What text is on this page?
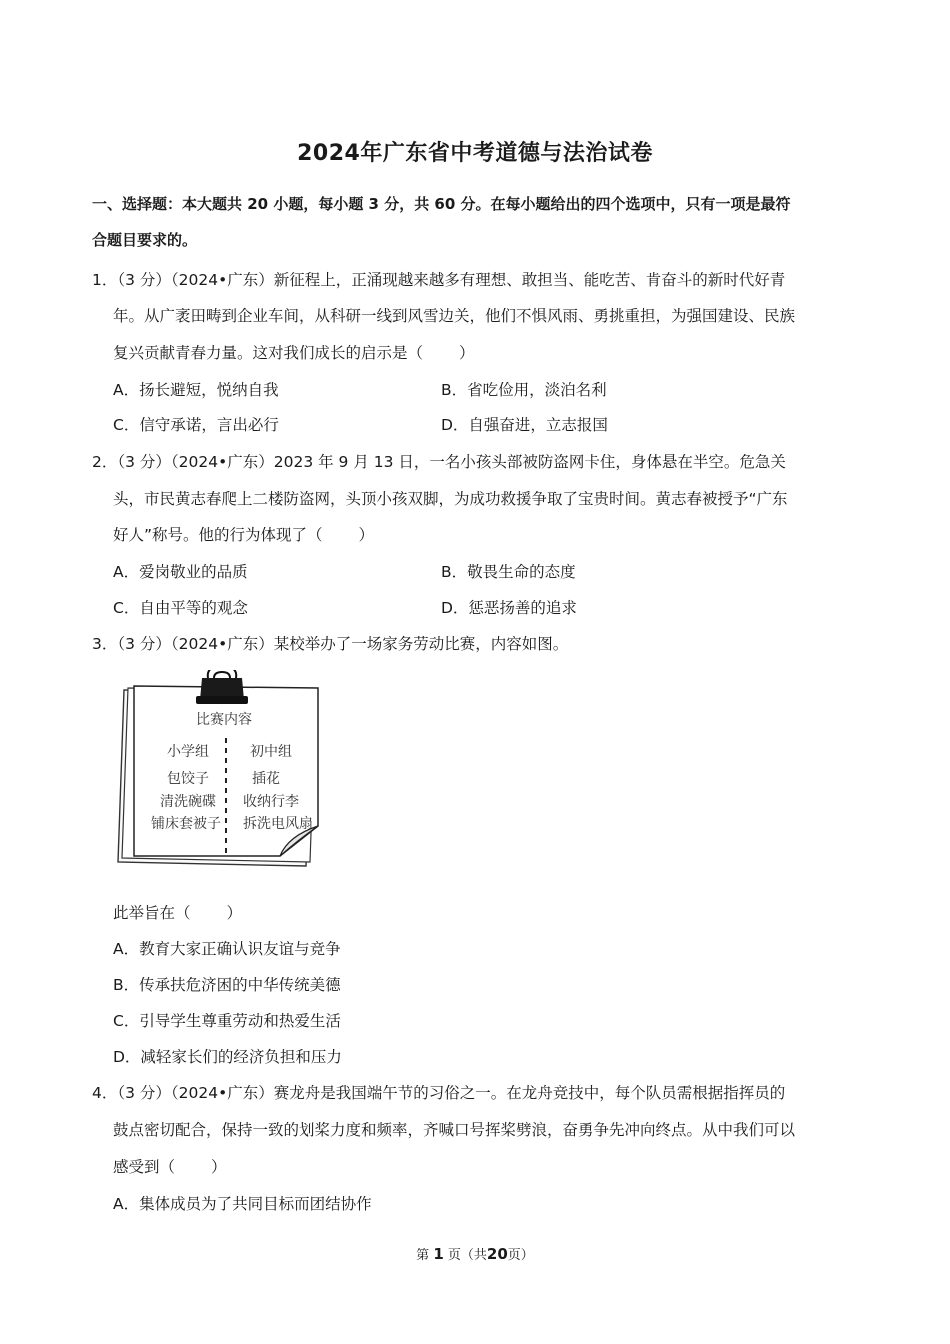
2024年广东省中考道德与法治试卷
一、选择题：本大题共 20 小题，每小题 3 分，共 60 分。在每小题给出的四个选项中，只有一项是最符
合题目要求的。
1．（3 分）（2024•广东）新征程上，正涌现越来越多有理想、敢担当、能吃苦、肯奋斗的新时代好青
年。从广袤田畴到企业车间，从科研一线到风雪边关，他们不惧风雨、勇挑重担，为强国建设、民族
复兴贡献青春力量。这对我们成长的启示是（ ）
A．扬长避短，悦纳自我	B．省吃俭用，淡泊名利
C．信守承诺，言出必行	D．自强奋进，立志报国
2．（3 分）（2024•广东）2023 年 9 月 13 日，一名小孩头部被防盗网卡住，身体悬在半空。危急关
头，市民黄志春爬上二楼防盗网，头顶小孩双脚，为成功救援争取了宝贵时间。黄志春被授予“广东
好人”称号。他的行为体现了（ ）
A．爱岗敬业的品质	B．敬畏生命的态度
C．自由平等的观念	D．惩恶扬善的追求
3．（3 分）（2024•广东）某校举办了一场家务劳动比赛，内容如图。
比赛内容
小学组
包饺子
清洗碗碟
铺床套被子
初中组
插花
收纳行李
拆洗电风扇
此举旨在（ ）
A．教育大家正确认识友谊与竞争
B．传承扶危济困的中华传统美德
C．引导学生尊重劳动和热爱生活
D．减轻家长们的经济负担和压力
4．（3 分）（2024•广东）赛龙舟是我国端午节的习俗之一。在龙舟竞技中，每个队员需根据指挥员的
鼓点密切配合，保持一致的划桨力度和频率，齐喊口号挥桨劈浪，奋勇争先冲向终点。从中我们可以
感受到（ ）
A．集体成员为了共同目标而团结协作
第 1 页（共20页）
